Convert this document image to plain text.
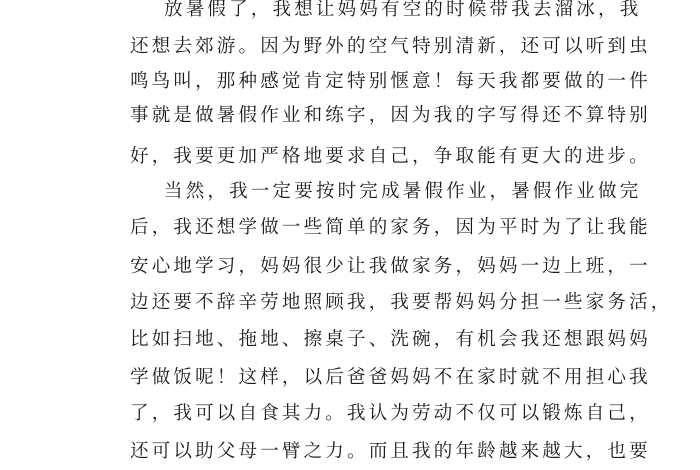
放暑假了，我想让妈妈有空的时候带我去溜冰，我
还想去郊游。因为野外的空气特别清新，还可以听到虫
鸣鸟叫，那种感觉肯定特别惬意！每天我都要做的一件
事就是做暑假作业和练字，因为我的字写得还不算特别
好，我要更加严格地要求自己，争取能有更大的进步。
当然，我一定要按时完成暑假作业，暑假作业做完
后，我还想学做一些简单的家务，因为平时为了让我能
安心地学习，妈妈很少让我做家务，妈妈一边上班，一
边还要不辞辛劳地照顾我，我要帮妈妈分担一些家务活，
比如扫地、拖地、擦桌子、洗碗，有机会我还想跟妈妈
学做饭呢！这样，以后爸爸妈妈不在家时就不用担心我
了，我可以自食其力。我认为劳动不仅可以锻炼自己，
还可以助父母一臂之力。而且我的年龄越来越大，也要
